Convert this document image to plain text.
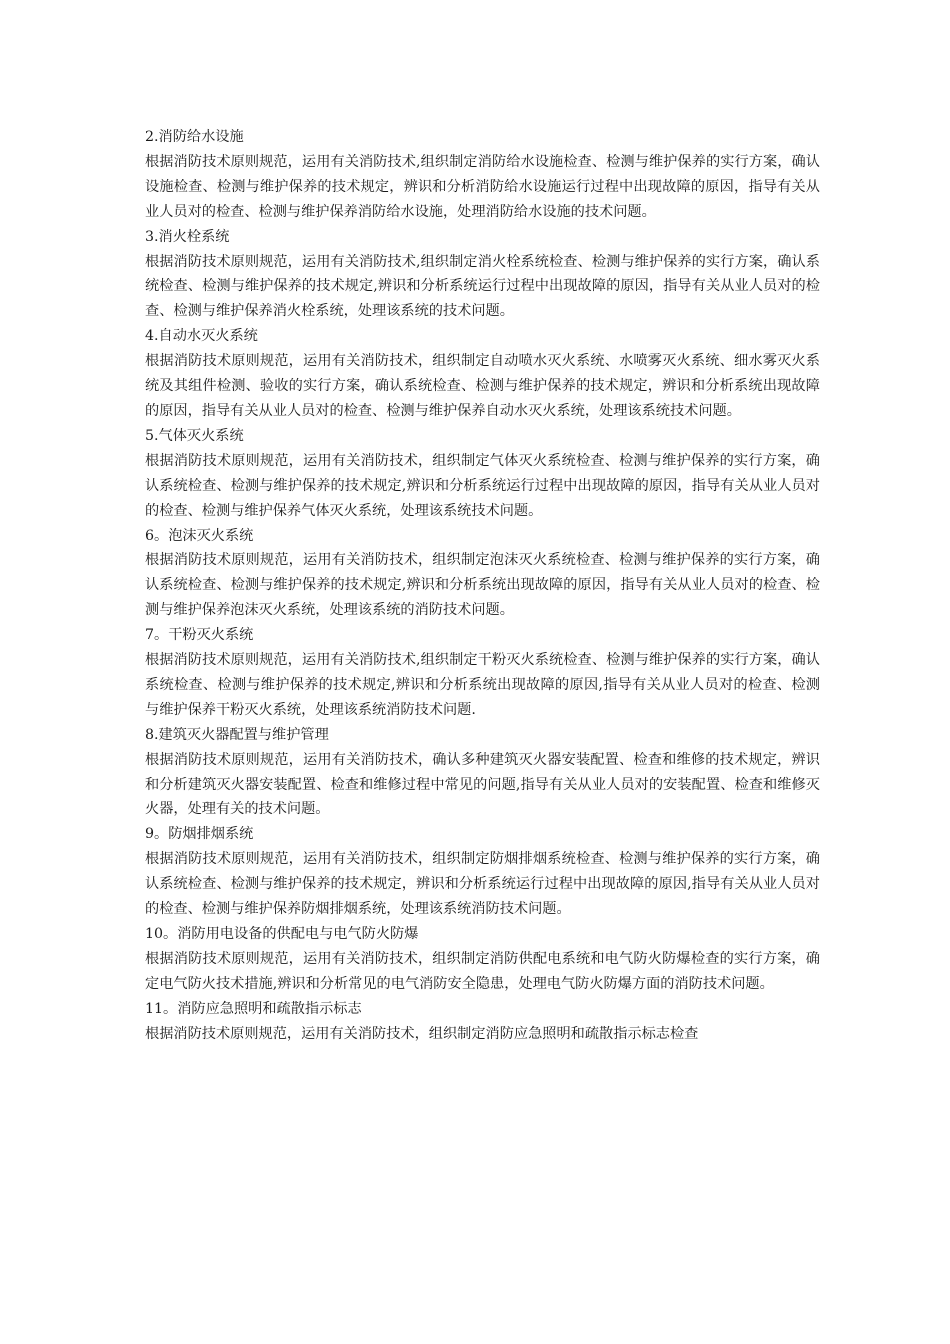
2.消防给水设施

根据消防技术原则规范，运用有关消防技术,组织制定消防给水设施检查、检测与维护保养的实行方案，确认设施检查、检测与维护保养的技术规定，辨识和分析消防给水设施运行过程中出现故障的原因，指导有关从业人员对的检查、检测与维护保养消防给水设施，处理消防给水设施的技术问题。

3.消火栓系统

根据消防技术原则规范，运用有关消防技术,组织制定消火栓系统检查、检测与维护保养的实行方案，确认系统检查、检测与维护保养的技术规定,辨识和分析系统运行过程中出现故障的原因，指导有关从业人员对的检查、检测与维护保养消火栓系统，处理该系统的技术问题。

4.自动水灭火系统

根据消防技术原则规范，运用有关消防技术，组织制定自动喷水灭火系统、水喷雾灭火系统、细水雾灭火系统及其组件检测、验收的实行方案，确认系统检查、检测与维护保养的技术规定，辨识和分析系统出现故障的原因，指导有关从业人员对的检查、检测与维护保养自动水灭火系统，处理该系统技术问题。

5.气体灭火系统

根据消防技术原则规范，运用有关消防技术，组织制定气体灭火系统检查、检测与维护保养的实行方案，确认系统检查、检测与维护保养的技术规定,辨识和分析系统运行过程中出现故障的原因，指导有关从业人员对的检查、检测与维护保养气体灭火系统，处理该系统技术问题。

6。泡沫灭火系统

根据消防技术原则规范，运用有关消防技术，组织制定泡沫灭火系统检查、检测与维护保养的实行方案，确认系统检查、检测与维护保养的技术规定,辨识和分析系统出现故障的原因，指导有关从业人员对的检查、检测与维护保养泡沫灭火系统，处理该系统的消防技术问题。

7。干粉灭火系统

根据消防技术原则规范，运用有关消防技术,组织制定干粉灭火系统检查、检测与维护保养的实行方案，确认系统检查、检测与维护保养的技术规定,辨识和分析系统出现故障的原因,指导有关从业人员对的检查、检测与维护保养干粉灭火系统，处理该系统消防技术问题.

8.建筑灭火器配置与维护管理

根据消防技术原则规范，运用有关消防技术，确认多种建筑灭火器安装配置、检查和维修的技术规定，辨识和分析建筑灭火器安装配置、检查和维修过程中常见的问题,指导有关从业人员对的安装配置、检查和维修灭火器，处理有关的技术问题。

9。防烟排烟系统

根据消防技术原则规范，运用有关消防技术，组织制定防烟排烟系统检查、检测与维护保养的实行方案，确认系统检查、检测与维护保养的技术规定，辨识和分析系统运行过程中出现故障的原因,指导有关从业人员对的检查、检测与维护保养防烟排烟系统，处理该系统消防技术问题。

10。消防用电设备的供配电与电气防火防爆

根据消防技术原则规范，运用有关消防技术，组织制定消防供配电系统和电气防火防爆检查的实行方案，确定电气防火技术措施,辨识和分析常见的电气消防安全隐患，处理电气防火防爆方面的消防技术问题。

11。消防应急照明和疏散指示标志

根据消防技术原则规范，运用有关消防技术，组织制定消防应急照明和疏散指示标志检查
